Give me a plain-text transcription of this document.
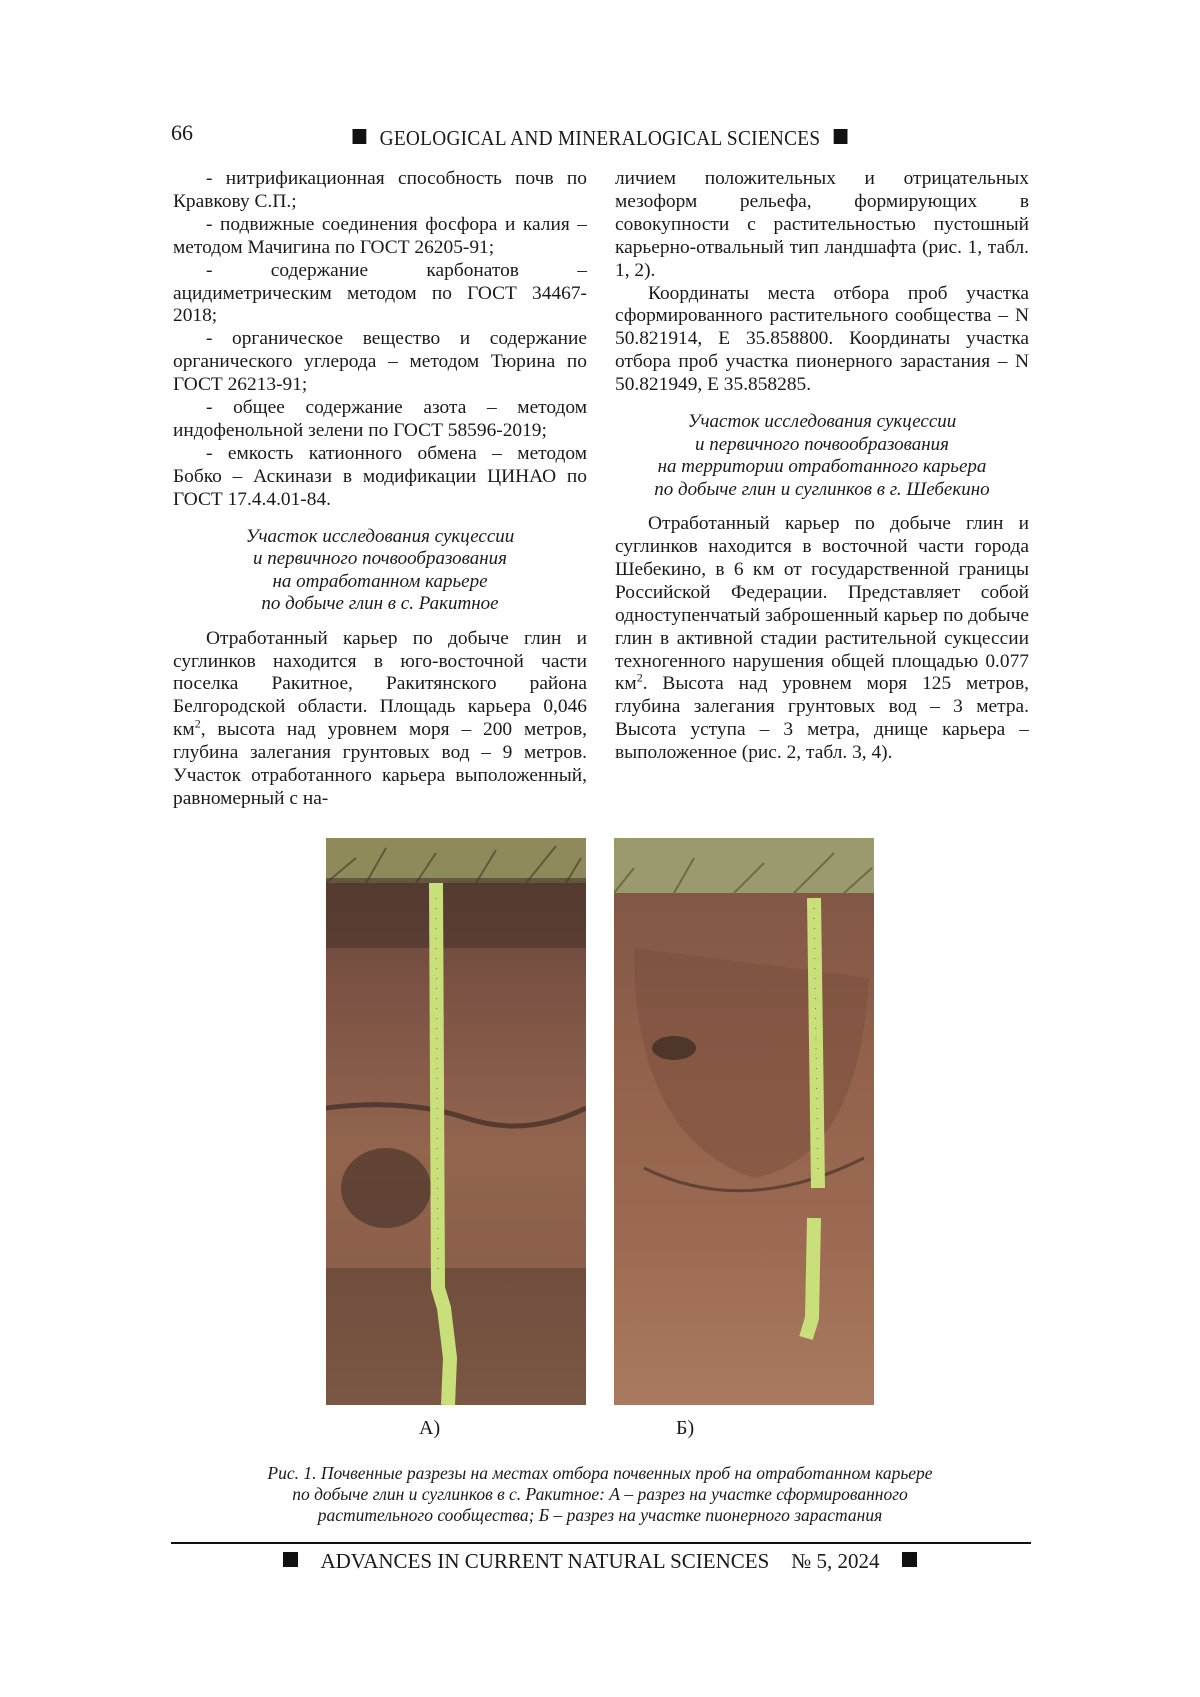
66	GEOLOGICAL AND MINERALOGICAL SCIENCES

- нитрификационная способность почв по Кравкову С.П.;

- подвижные соединения фосфора и калия – методом Мачигина по ГОСТ 26205-91;

- содержание карбонатов – ацидиметрическим методом по ГОСТ 34467-2018;

- органическое вещество и содержание органического углерода – методом Тюрина по ГОСТ 26213-91;

- общее содержание азота – методом индофенольной зелени по ГОСТ 58596-2019;

- емкость катионного обмена – методом Бобко – Аскинази в модификации ЦИНАО по ГОСТ 17.4.4.01-84.

Участок исследования сукцессии
и первичного почвообразования
на отработанном карьере
по добыче глин в с. Ракитное

Отработанный карьер по добыче глин и суглинков находится в юго-восточной части поселка Ракитное, Ракитянского района Белгородской области. Площадь карьера 0,046 $км^2$, высота над уровнем моря – 200 метров, глубина залегания грунтовых вод – 9 метров. Участок отработанного карьера выположенный, равномерный с на-

личием положительных и отрицательных мезоформ рельефа, формирующих в совокупности с растительностью пустошный карьерно-отвальный тип ландшафта (рис. 1, табл. 1, 2).

Координаты места отбора проб участка сформированного растительного сообщества – N 50.821914, E 35.858800. Координаты участка отбора проб участка пионерного зарастания – N 50.821949, E 35.858285.

Участок исследования сукцессии
и первичного почвообразования
на территории отработанного карьера
по добыче глин и суглинков в г. Шебекино

Отработанный карьер по добыче глин и суглинков находится в восточной части города Шебекино, в 6 км от государственной границы Российской Федерации. Представляет собой одноступенчатый заброшенный карьер по добыче глин в активной стадии растительной сукцессии техногенного нарушения общей площадью 0.077 $км^2$. Высота над уровнем моря 125 метров, глубина залегания грунтовых вод – 3 метра. Высота уступа – 3 метра, днище карьера – выположенное (рис. 2, табл. 3, 4).

А)	Б)
Рис. 1. Почвенные разрезы на местах отбора почвенных проб на отработанном карьере
по добыче глин и суглинков в с. Ракитное: А – разрез на участке сформированного
растительного сообщества; Б – разрез на участке пионерного зарастания
ADVANCES IN CURRENT NATURAL SCIENCES № 5, 2024
